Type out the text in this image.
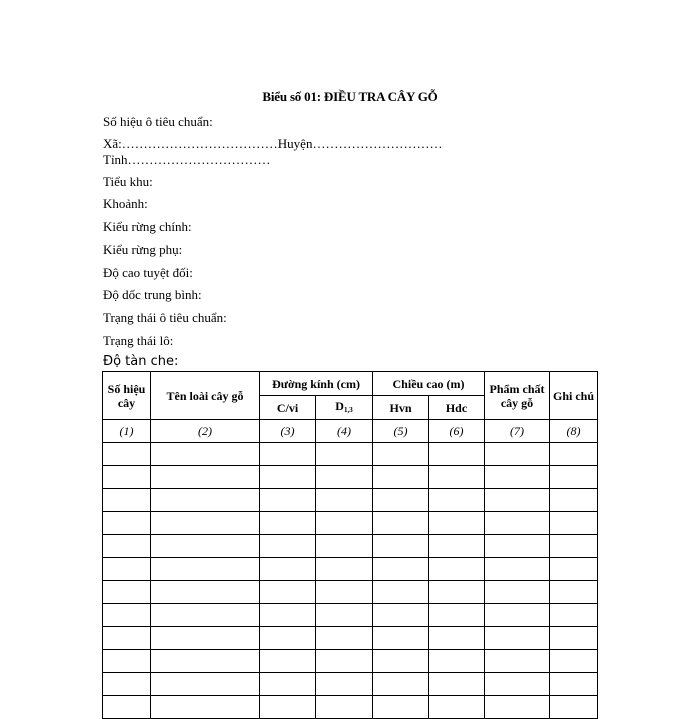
Biểu số 01: ĐIỀU TRA CÂY GỖ
Số hiệu ô tiêu chuẩn:
Xã:………………………………Huyện…………………………
Tỉnh……………………………
Tiểu khu:
Khoảnh:
Kiểu rừng chính:
Kiểu rừng phụ:
Độ cao tuyệt đối:
Độ dốc trung bình:
Trạng thái ô tiêu chuẩn:
Trạng thái lô:
Độ tàn che:
Số hiệu cây	Tên loài cây gỗ	Đường kính (cm)		Chiều cao (m)		Phẩm chất cây gỗ	Ghi chú
		C/vi	$D_{1,3}$	Hvn	Hdc		
(1)	(2)	(3)	(4)	(5)	(6)	(7)	(8)
